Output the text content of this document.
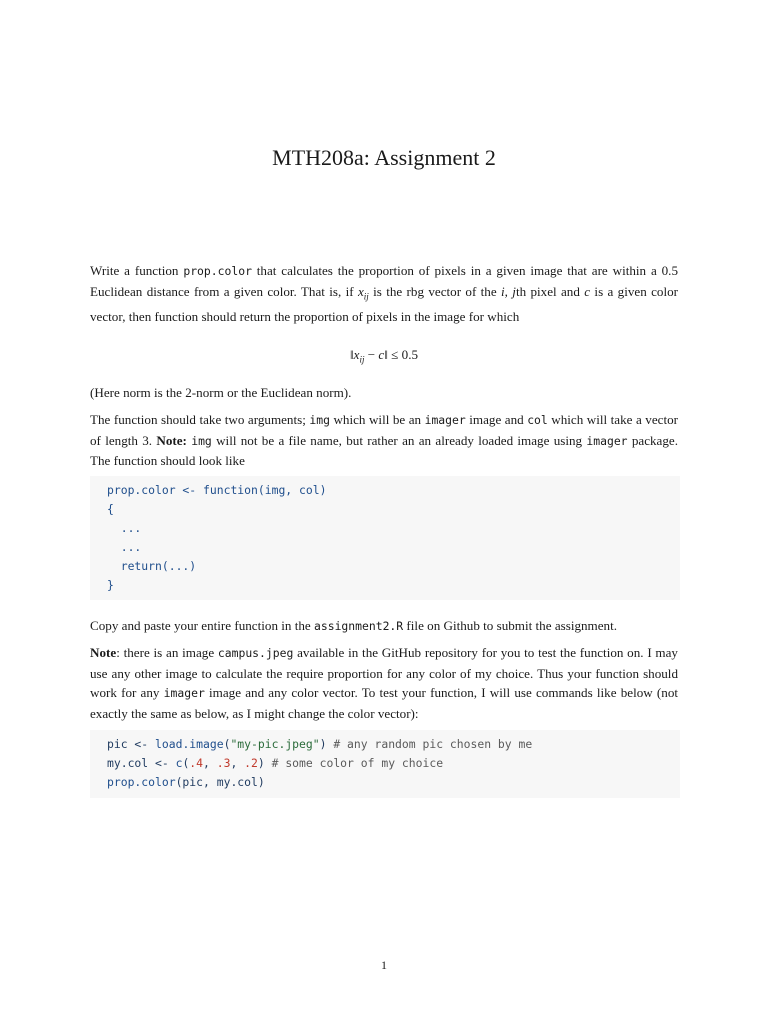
MTH208a: Assignment 2

Write a function prop.color that calculates the proportion of pixels in a given image that are within a 0.5 Euclidean distance from a given color. That is, if $x_{ij}$ is the rbg vector of the i, jth pixel and c is a given color vector, then function should return the proportion of pixels in the image for which

$‖x_{ij}$ − c‖ ≤ 0.5

(Here norm is the 2-norm or the Euclidean norm).

The function should take two arguments; img which will be an imager image and col which will take a vector of length 3. Note: img will not be a file name, but rather an an already loaded image using imager package. The function should look like

prop.color <- function(img, col)
{
...
...
return(...)
}

Copy and paste your entire function in the assignment2.R file on Github to submit the assignment.

Note: there is an image campus.jpeg available in the GitHub repository for you to test the function on. I may use any other image to calculate the require proportion for any color of my choice. Thus your function should work for any imager image and any color vector. To test your function, I will use commands like below (not exactly the same as below, as I might change the color vector):

pic <- load.image("my-pic.jpeg") # any random pic chosen by me
my.col <- c(.4, .3, .2) # some color of my choice
prop.color(pic, my.col)
1
